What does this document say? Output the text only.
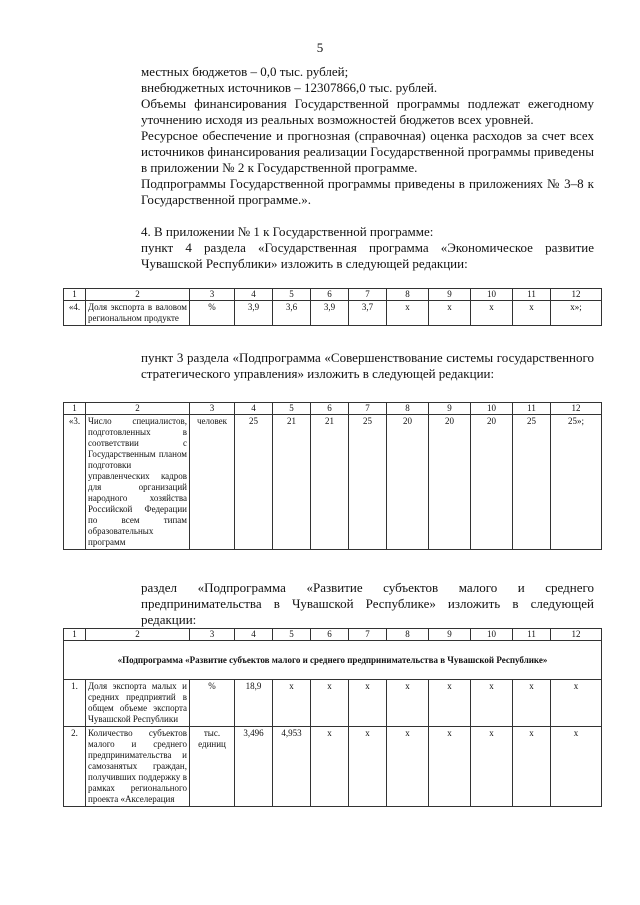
5
местных бюджетов – 0,0 тыс. рублей;
внебюджетных источников – 12307866,0 тыс. рублей.
Объемы финансирования Государственной программы подлежат ежегодному уточнению исходя из реальных возможностей бюджетов всех уровней.
Ресурсное обеспечение и прогнозная (справочная) оценка расходов за счет всех источников финансирования реализации Государственной программы приведены в приложении № 2 к Государственной программе.
Подпрограммы Государственной программы приведены в приложениях № 3–8 к Государственной программе.».
4. В приложении № 1 к Государственной программе:
пункт 4 раздела «Государственная программа «Экономическое развитие Чувашской Республики» изложить в следующей редакции:
1	2	3	4	5	6	7	8	9	10	11	12
«4.	Доля экспорта в валовом региональном продукте	%	3,9	3,6	3,9	3,7	x	x	x	x	x»;
пункт 3 раздела «Подпрограмма «Совершенствование системы государственного стратегического управления» изложить в следующей редакции:
1	2	3	4	5	6	7	8	9	10	11	12
«3.	Число специалистов, подготовленных в соответствии с Государственным планом подготовки управленческих кадров для организаций народного хозяйства Российской Федерации по всем типам образовательных программ	человек	25	21	21	25	20	20	20	25	25»;
раздел «Подпрограмма «Развитие субъектов малого и среднего предпринимательства в Чувашской Республике» изложить в следующей редакции:
1	2	3	4	5	6	7	8	9	10	11	12
«Подпрограмма «Развитие субъектов малого и среднего предпринимательства в Чувашской Республике»											
1.	Доля экспорта малых и средних предприятий в общем объеме экспорта Чувашской Республики	%	18,9	x	x	x	x	x	x	x	x
2.	Количество субъектов малого и среднего предпринимательства и самозанятых граждан, получивших поддержку в рамках регионального проекта «Акселерация	тыс. единиц	3,496	4,953	x	x	x	x	x	x	x
